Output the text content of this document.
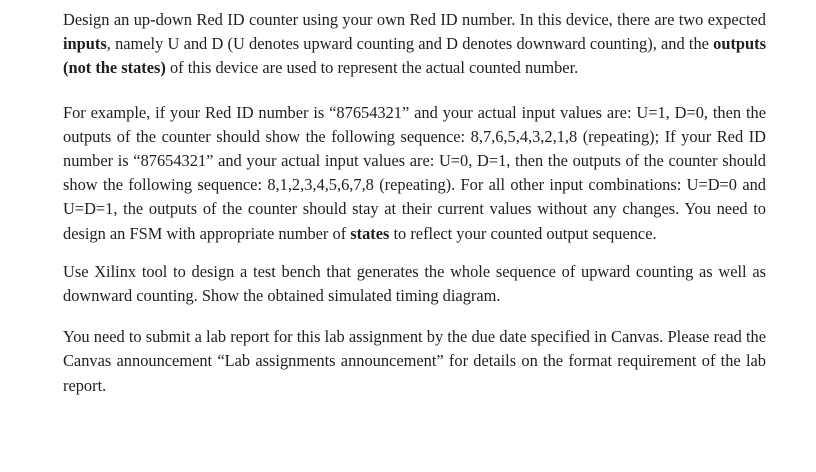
Design an up-down Red ID counter using your own Red ID number. In this device, there are two expected inputs, namely U and D (U denotes upward counting and D denotes downward counting), and the outputs (not the states) of this device are used to represent the actual counted number.

For example, if your Red ID number is “87654321” and your actual input values are: U=1, D=0, then the outputs of the counter should show the following sequence: 8,7,6,5,4,3,2,1,8 (repeating); If your Red ID number is “87654321” and your actual input values are: U=0, D=1, then the outputs of the counter should show the following sequence: 8,1,2,3,4,5,6,7,8 (repeating). For all other input combinations: U=D=0 and U=D=1, the outputs of the counter should stay at their current values without any changes. You need to design an FSM with appropriate number of states to reflect your counted output sequence.

Use Xilinx tool to design a test bench that generates the whole sequence of upward counting as well as downward counting. Show the obtained simulated timing diagram.

You need to submit a lab report for this lab assignment by the due date specified in Canvas. Please read the Canvas announcement “Lab assignments announcement” for details on the format requirement of the lab report.
